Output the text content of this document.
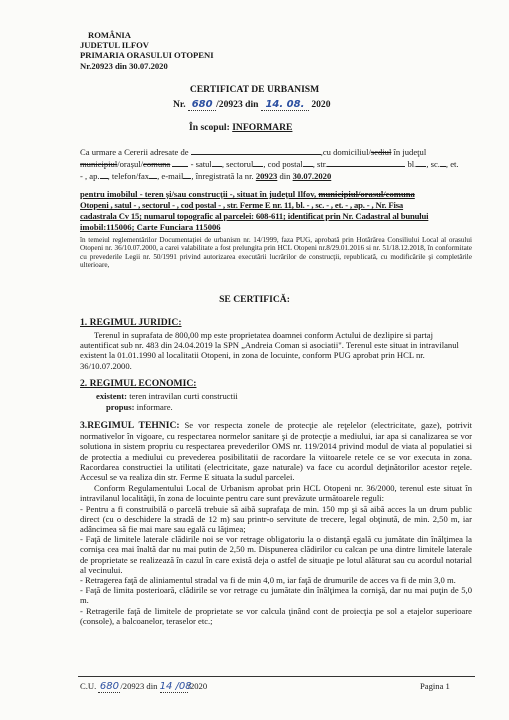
ROMÂNIA
JUDETUL ILFOV
PRIMARIA ORASULUI OTOPENI
Nr.20923 din 30.07.2020
CERTIFICAT DE URBANISM
Nr. 680 /20923 din 14. 08. 2020
În scopul: INFORMARE
Ca urmare a Cererii adresate de	,cu domiciliul/sediul în judeţul
municipiul/orașul/comuna - satul , sectorul , cod postal , str.	bl. , sc. , et.
- , ap. , telefon/fax , e-mail , înregistrată la nr. 20923 din 30.07.2020
pentru imobilul - teren şi/sau construcţii -, situat în judeţul Ilfov, municipiul/orasul/comuna
Otopeni , satul - , sectorul - , cod postal - , str. Ferme E nr. 11, bl. - , sc. - , et. - , ap. - , Nr. Fisa
cadastrala Cv 15; numarul topografic al parcelei: 608-611; identificat prin Nr. Cadastral al bunului
imobil:115006; Carte Funciara 115006

în temeiul reglementărilor Documentaţiei de urbanism nr. 14/1999, faza PUG, aprobată prin Hotărârea Consiliului Local al orasului Otopeni nr. 36/10.07.2000, a carei valabilitate a fost prelungita prin HCL Otopeni nr.8/29.01.2016 si nr. 51/18.12.2018, în conformitate cu prevederile Legii nr. 50/1991 privind autorizarea executării lucrărilor de construcţii, republicată, cu modificările şi completările ulterioare,

SE CERTIFICĂ:
1. REGIMUL JURIDIC:

Terenul in suprafata de 800,00 mp este proprietatea doamnei conform Actului de dezlipire si partaj autentificat sub nr. 483 din 24.04.2019 la SPN „Andreia Coman si asociatii". Terenul este situat in intravilanul existent la 01.01.1990 al localitatii Otopeni, in zona de locuinte, conform PUG aprobat prin HCL nr. 36/10.07.2000.

2. REGIMUL ECONOMIC:
existent: teren intravilan curti constructii
propus: informare.

3.REGIMUL TEHNIC: Se vor respecta zonele de protecţie ale reţelelor (electricitate, gaze), potrivit normativelor în vigoare, cu respectarea normelor sanitare şi de protecţie a mediului, iar apa si canalizarea se vor solutiona in sistem propriu cu respectarea prevederilor OMS nr. 119/2014 privind modul de viata al populatiei si de protectia a mediului cu prevederea posibilitatii de racordare la viitoarele retele ce se vor executa in zona. Racordarea constructiei la utilitati (electricitate, gaze naturale) va face cu acordul deţinătorilor acestor reţele. Accesul se va realiza din str. Ferme E situata la sudul parcelei.

Conform Regulamentului Local de Urbanism aprobat prin HCL Otopeni nr. 36/2000, terenul este situat în intravilanul localităţii, în zona de locuinte pentru care sunt prevăzute următoarele reguli:

- Pentru a fi construibilă o parcelă trebuie să aibă suprafaţa de min. 150 mp şi să aibă acces la un drum public direct (cu o deschidere la stradă de 12 m) sau printr-o servitute de trecere, legal obţinută, de min. 2,50 m, iar adâncimea să fie mai mare sau egală cu lăţimea;

- Faţă de limitele laterale clădirile noi se vor retrage obligatoriu la o distanţă egală cu jumătate din înălţimea la cornişa cea mai înaltă dar nu mai putin de 2,50 m. Dispunerea clădirilor cu calcan pe una dintre limitele laterale de proprietate se realizează în cazul în care există deja o astfel de situaţie pe lotul alăturat sau cu acordul notarial al vecinului.

- Retragerea faţă de aliniamentul stradal va fi de min 4,0 m, iar faţă de drumurile de acces va fi de min 3,0 m.

- Faţă de limita posterioară, clădirile se vor retrage cu jumătate din înălţimea la cornişă, dar nu mai puţin de 5,0 m.

- Retragerile faţă de limitele de proprietate se vor calcula ţinând cont de proiecţia pe sol a etajelor superioare (console), a balcoanelor, teraselor etc.;

C.U. 680/20923 din 14 /08/2020	Pagina 1
